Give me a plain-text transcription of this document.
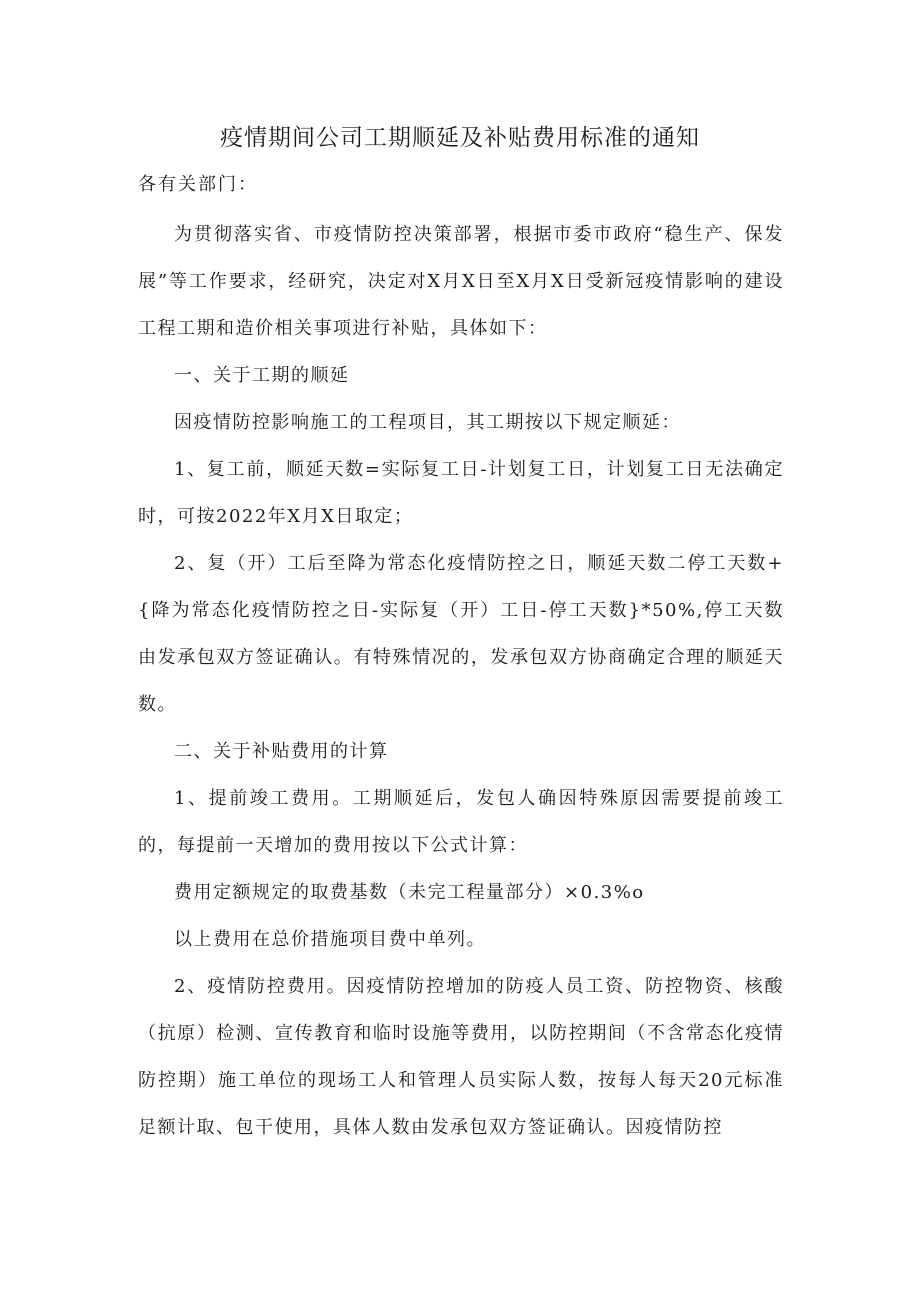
疫情期间公司工期顺延及补贴费用标准的通知
各有关部门：

为贯彻落实省、市疫情防控决策部署，根据市委市政府“稳生产、保发展”等工作要求，经研究，决定对X月X日至X月X日受新冠疫情影响的建设工程工期和造价相关事项进行补贴，具体如下：

一、关于工期的顺延

因疫情防控影响施工的工程项目，其工期按以下规定顺延：

1、复工前，顺延天数=实际复工日-计划复工日，计划复工日无法确定时，可按2022年X月X日取定；

2、复（开）工后至降为常态化疫情防控之日，顺延天数二停工天数+{降为常态化疫情防控之日-实际复（开）工日-停工天数}*50%,停工天数由发承包双方签证确认。有特殊情况的，发承包双方协商确定合理的顺延天数。

二、关于补贴费用的计算

1、提前竣工费用。工期顺延后，发包人确因特殊原因需要提前竣工的，每提前一天增加的费用按以下公式计算：

费用定额规定的取费基数（未完工程量部分）×0.3%o

以上费用在总价措施项目费中单列。

2、疫情防控费用。因疫情防控增加的防疫人员工资、防控物资、核酸（抗原）检测、宣传教育和临时设施等费用，以防控期间（不含常态化疫情防控期）施工单位的现场工人和管理人员实际人数，按每人每天20元标准足额计取、包干使用，具体人数由发承包双方签证确认。因疫情防控
